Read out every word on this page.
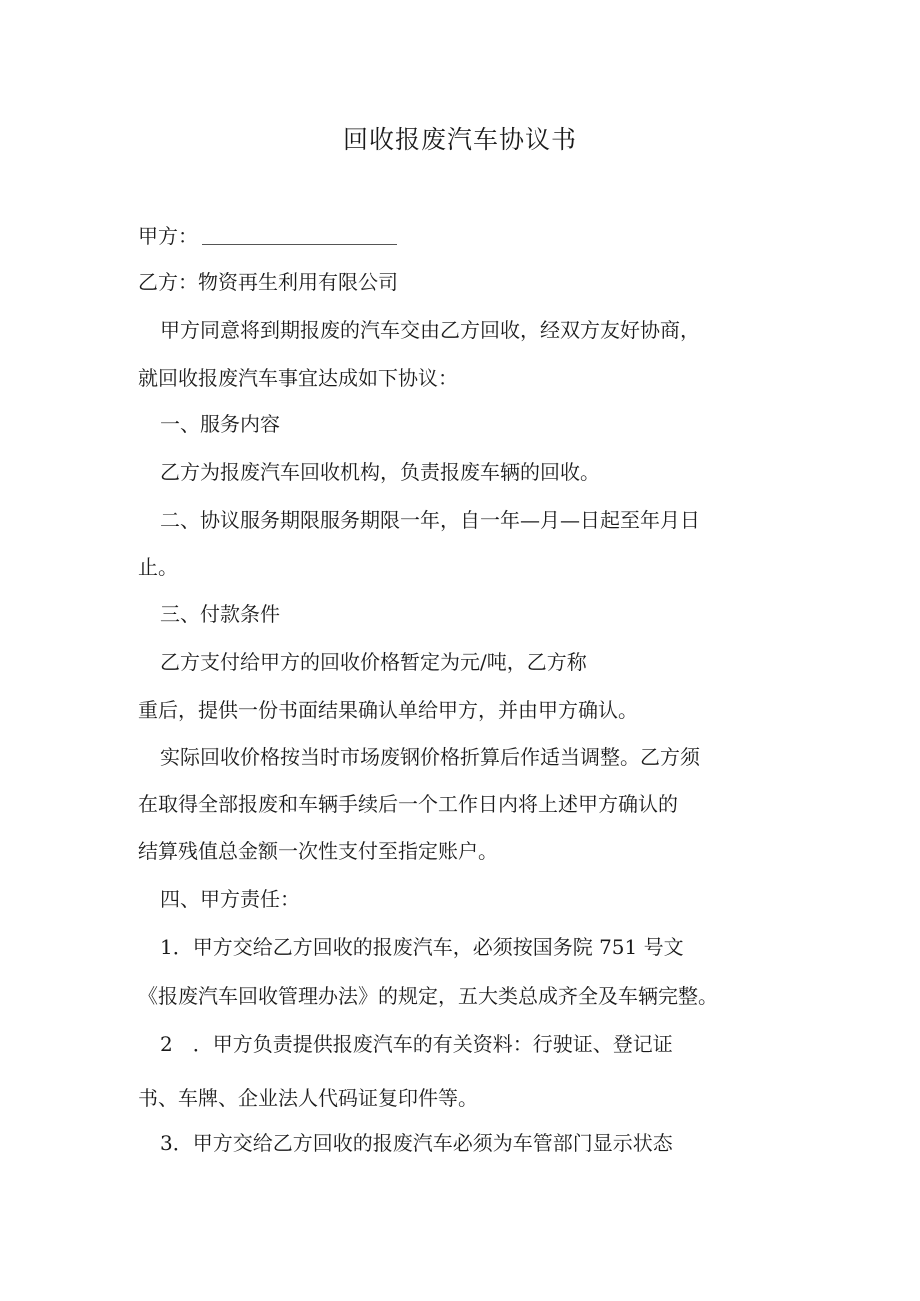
回收报废汽车协议书
甲方：
乙方：物资再生利用有限公司
甲方同意将到期报废的汽车交由乙方回收，经双方友好协商，
就回收报废汽车事宜达成如下协议：
一、服务内容
乙方为报废汽车回收机构，负责报废车辆的回收。
二、协议服务期限服务期限一年，自一年—月—日起至年月日
止。
三、付款条件
乙方支付给甲方的回收价格暂定为元/吨，乙方称
重后，提供一份书面结果确认单给甲方，并由甲方确认。
实际回收价格按当时市场废钢价格折算后作适当调整。乙方须
在取得全部报废和车辆手续后一个工作日内将上述甲方确认的
结算残值总金额一次性支付至指定账户。
四、甲方责任：
1．甲方交给乙方回收的报废汽车，必须按国务院 751 号文
《报废汽车回收管理办法》的规定，五大类总成齐全及车辆完整。
2　．甲方负责提供报废汽车的有关资料：行驶证、登记证
书、车牌、企业法人代码证复印件等。
3．甲方交给乙方回收的报废汽车必须为车管部门显示状态
